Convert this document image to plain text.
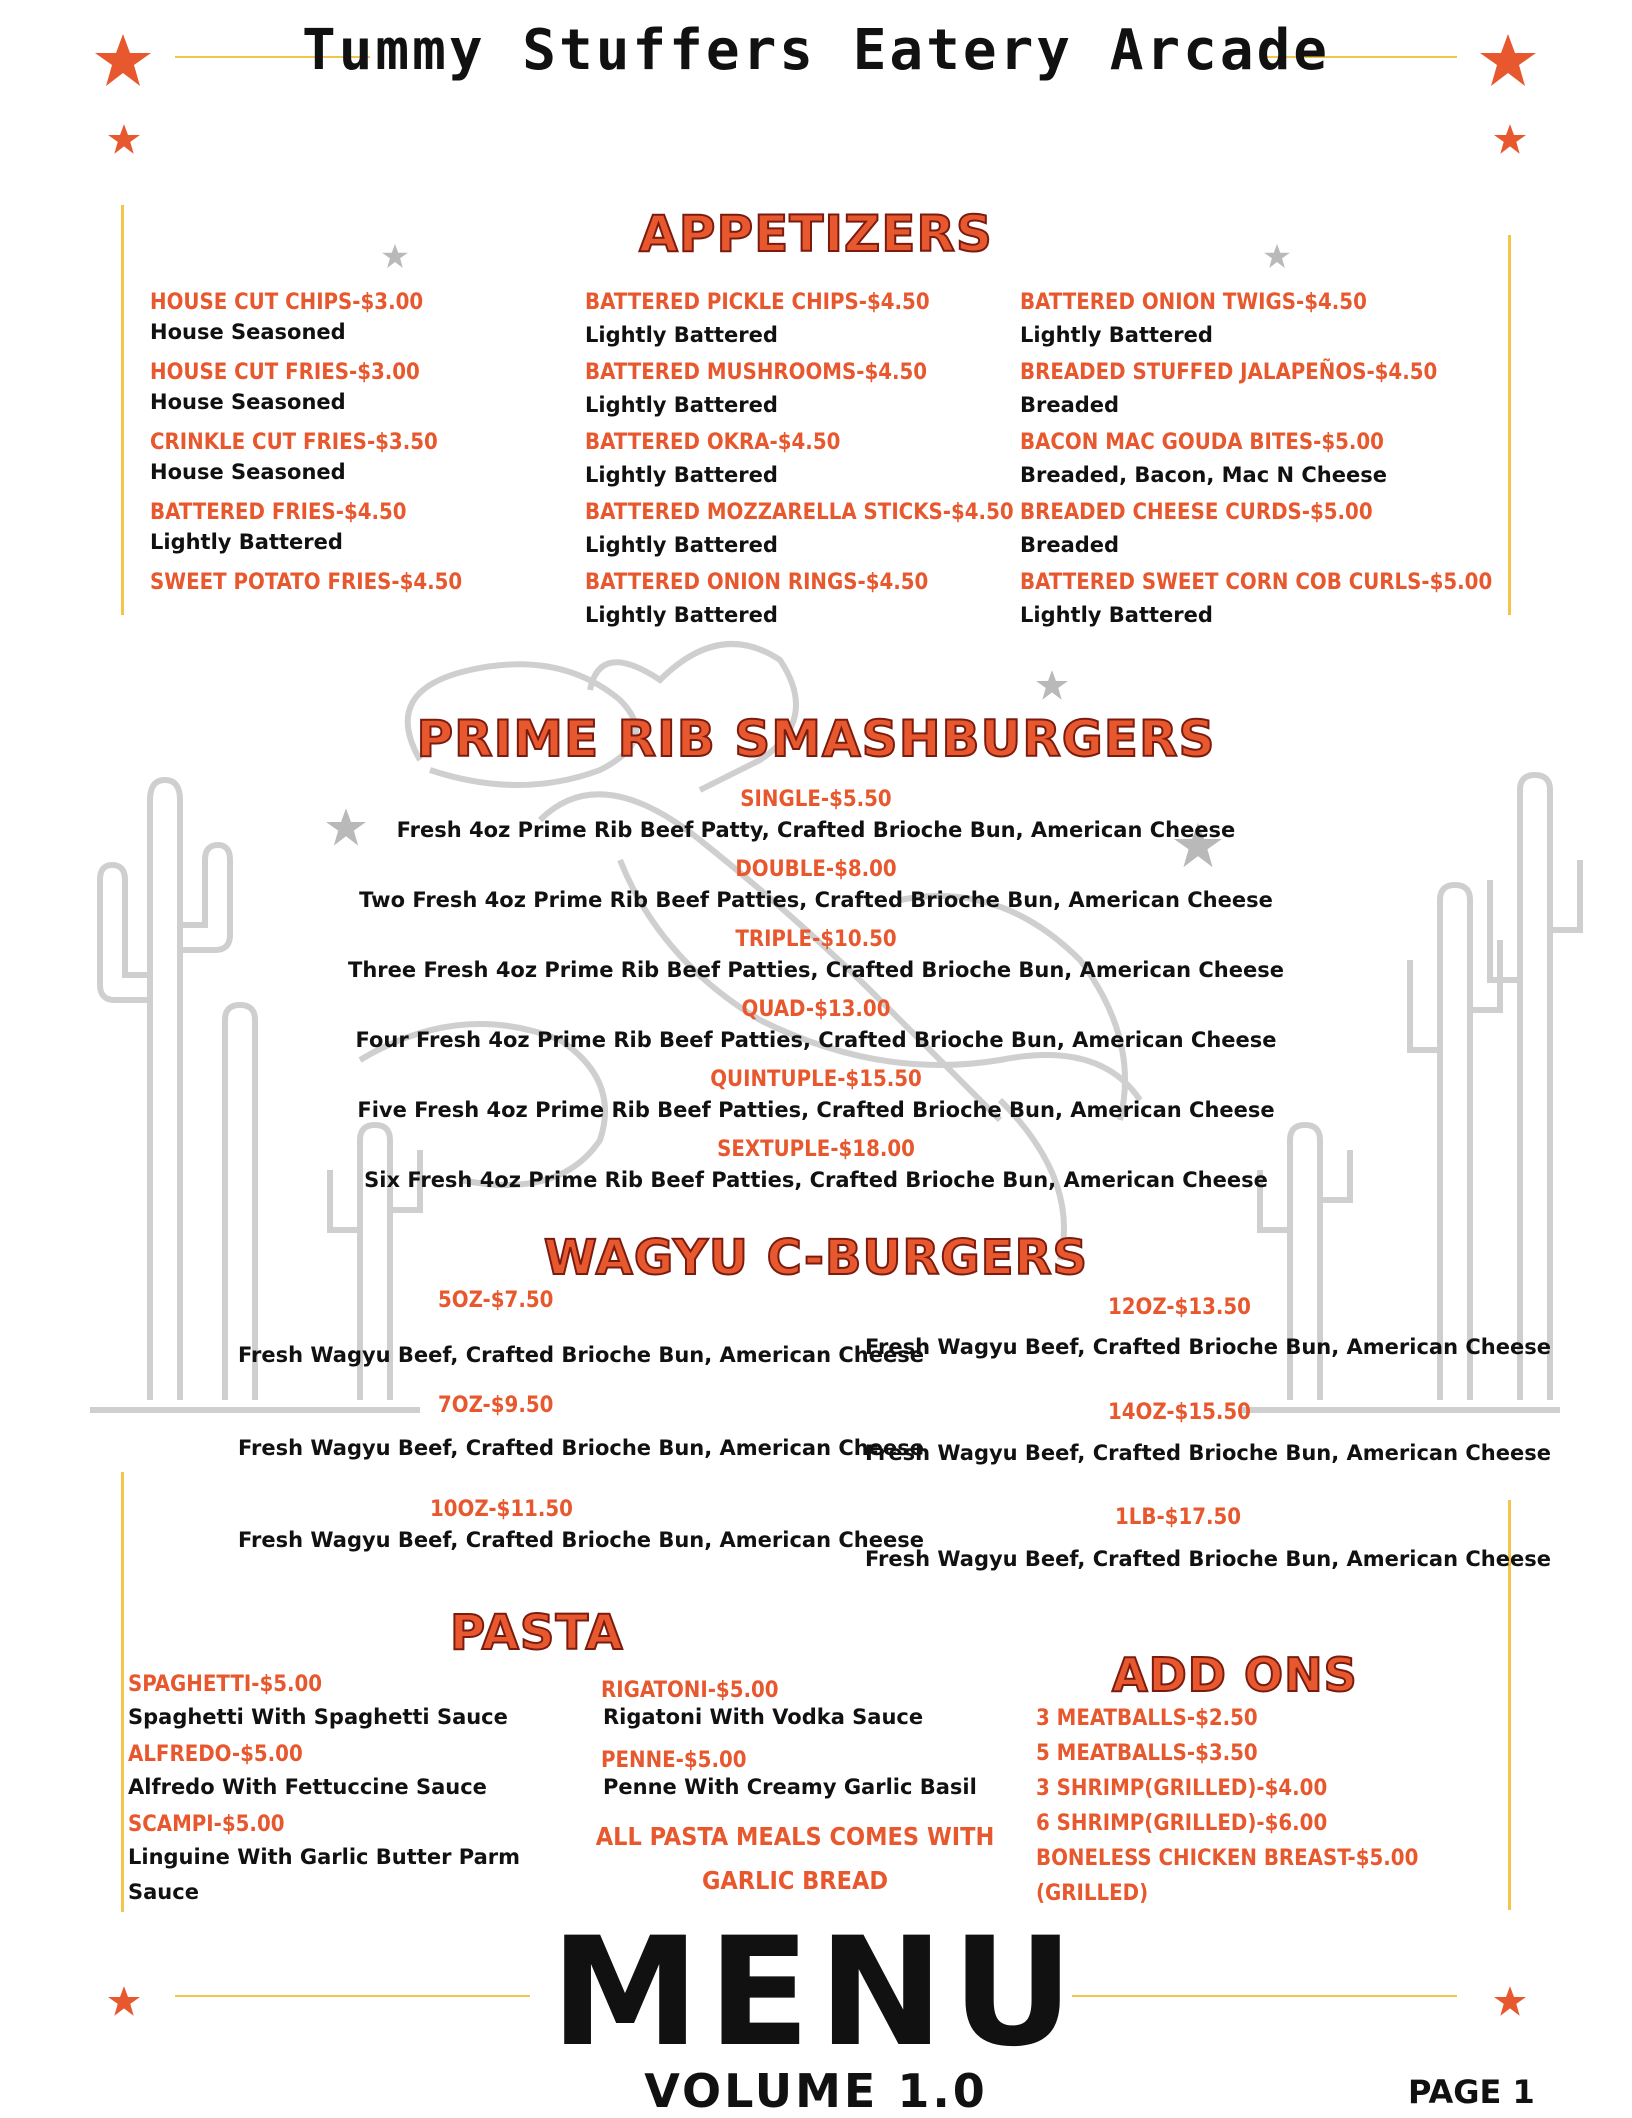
Tummy Stuffers Eatery Arcade
APPETIZERS
HOUSE CUT CHIPS-$3.00
House Seasoned
HOUSE CUT FRIES-$3.00
House Seasoned
CRINKLE CUT FRIES-$3.50
House Seasoned
BATTERED FRIES-$4.50
Lightly Battered
SWEET POTATO FRIES-$4.50
BATTERED PICKLE CHIPS-$4.50
Lightly Battered
BATTERED MUSHROOMS-$4.50
Lightly Battered
BATTERED OKRA-$4.50
Lightly Battered
BATTERED MOZZARELLA STICKS-$4.50
Lightly Battered
BATTERED ONION RINGS-$4.50
Lightly Battered
BATTERED ONION TWIGS-$4.50
Lightly Battered
BREADED STUFFED JALAPEÑOS-$4.50
Breaded
BACON MAC GOUDA BITES-$5.00
Breaded, Bacon, Mac N Cheese
BREADED CHEESE CURDS-$5.00
Breaded
BATTERED SWEET CORN COB CURLS-$5.00
Lightly Battered
PRIME RIB SMASHBURGERS
SINGLE-$5.50
Fresh 4oz Prime Rib Beef Patty, Crafted Brioche Bun, American Cheese
DOUBLE-$8.00
Two Fresh 4oz Prime Rib Beef Patties, Crafted Brioche Bun, American Cheese
TRIPLE-$10.50
Three Fresh 4oz Prime Rib Beef Patties, Crafted Brioche Bun, American Cheese
QUAD-$13.00
Four Fresh 4oz Prime Rib Beef Patties, Crafted Brioche Bun, American Cheese
QUINTUPLE-$15.50
Five Fresh 4oz Prime Rib Beef Patties, Crafted Brioche Bun, American Cheese
SEXTUPLE-$18.00
Six Fresh 4oz Prime Rib Beef Patties, Crafted Brioche Bun, American Cheese
WAGYU C-BURGERS
5OZ-$7.50
Fresh Wagyu Beef, Crafted Brioche Bun, American Cheese
7OZ-$9.50
Fresh Wagyu Beef, Crafted Brioche Bun, American Cheese
10OZ-$11.50
Fresh Wagyu Beef, Crafted Brioche Bun, American Cheese
12OZ-$13.50
Fresh Wagyu Beef, Crafted Brioche Bun, American Cheese
14OZ-$15.50
Fresh Wagyu Beef, Crafted Brioche Bun, American Cheese
1LB-$17.50
Fresh Wagyu Beef, Crafted Brioche Bun, American Cheese
PASTA
SPAGHETTI-$5.00
Spaghetti With Spaghetti Sauce
ALFREDO-$5.00
Alfredo With Fettuccine Sauce
SCAMPI-$5.00
Linguine With Garlic Butter Parm
Sauce
RIGATONI-$5.00
Rigatoni With Vodka Sauce
PENNE-$5.00
Penne With Creamy Garlic Basil
ALL PASTA MEALS COMES WITH
GARLIC BREAD
ADD ONS
3 MEATBALLS-$2.50
5 MEATBALLS-$3.50
3 SHRIMP(GRILLED)-$4.00
6 SHRIMP(GRILLED)-$6.00
BONELESS CHICKEN BREAST-$5.00
(GRILLED)
MENU
VOLUME 1.0	PAGE 1
